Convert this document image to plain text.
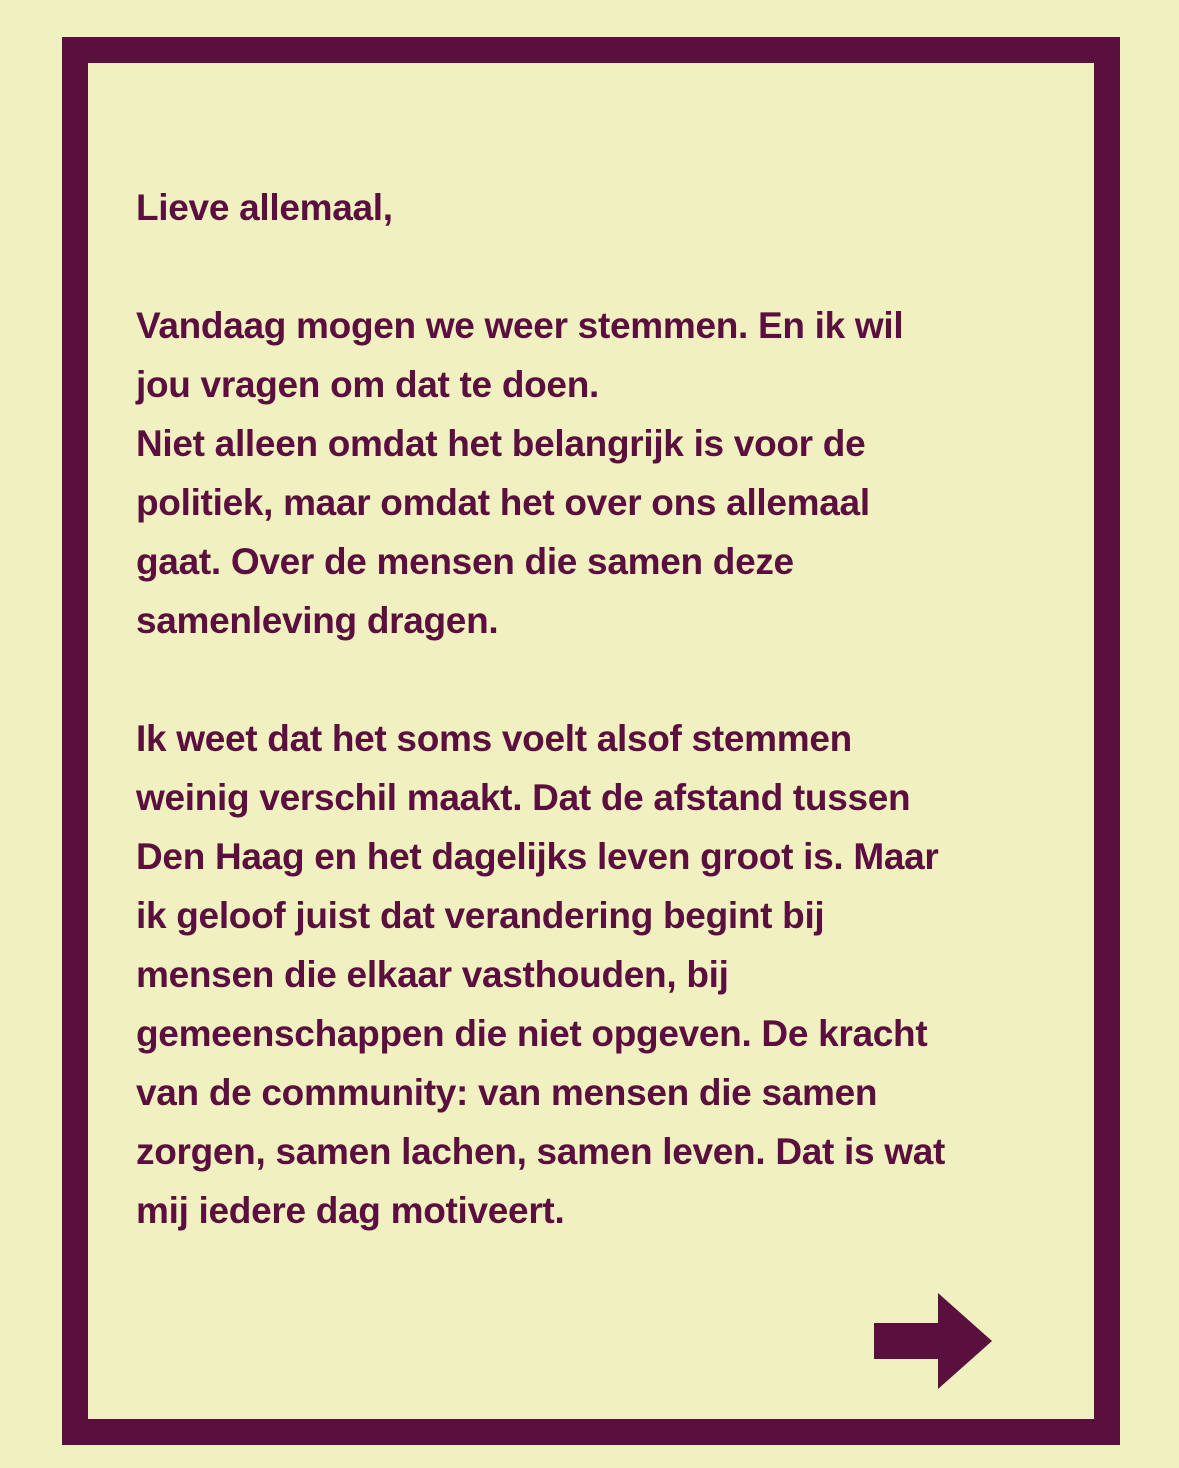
Lieve allemaal,
Vandaag mogen we weer stemmen. En ik wil
jou vragen om dat te doen.
Niet alleen omdat het belangrijk is voor de
politiek, maar omdat het over ons allemaal
gaat. Over de mensen die samen deze
samenleving dragen.
Ik weet dat het soms voelt alsof stemmen
weinig verschil maakt. Dat de afstand tussen
Den Haag en het dagelijks leven groot is. Maar
ik geloof juist dat verandering begint bij
mensen die elkaar vasthouden, bij
gemeenschappen die niet opgeven. De kracht
van de community: van mensen die samen
zorgen, samen lachen, samen leven. Dat is wat
mij iedere dag motiveert.
